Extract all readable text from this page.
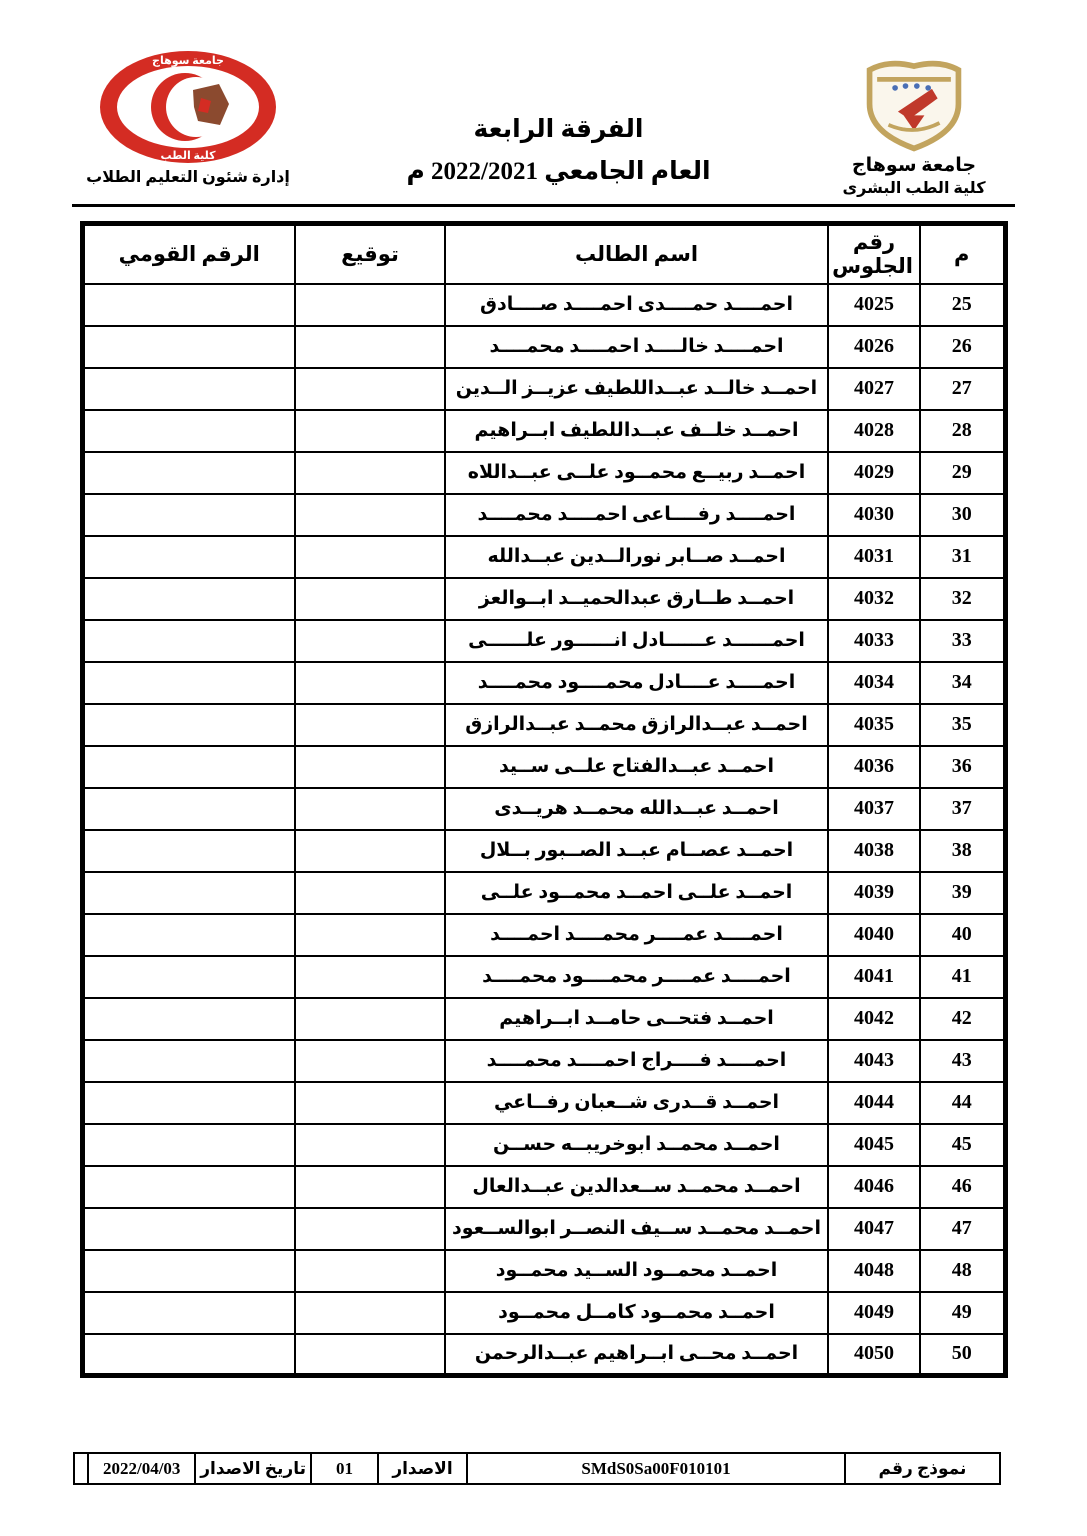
جامعة سوهاج
كلية الطب البشرى
الفرقة الرابعة
العام الجامعي 2022/2021 م
جامعة سوهاج
كلية الطب
إدارة شئون التعليم الطلاب
م	رقم الجلوس	اسم الطالب	توقيع	الرقم القومي
25	4025	احمــــد حمــــدى احمــــد صــــادق		
26	4026	احمــــد خالــــد احمــــد محمــــد		
27	4027	احمــد خالــد عبــداللطيف عزيــز الــدين		
28	4028	احمــد خلــف عبــداللطيف ابــراهيم		
29	4029	احمــد ربيــع محمــود علــى عبــداللاه		
30	4030	احمــــد رفــــاعى احمــــد محمــــد		
31	4031	احمــد صــابر نورالــدين عبــدالله		
32	4032	احمــد طــارق عبدالحميــد ابــوالعز		
33	4033	احمــــــد عــــــادل انــــــور علــــــى		
34	4034	احمــــد عــــادل محمــــود محمــــد		
35	4035	احمــد عبــدالرازق محمــد عبــدالرازق		
36	4036	احمــد عبــدالفتاح علــى ســيد		
37	4037	احمــد عبــدالله محمــد هريــدى		
38	4038	احمــد عصــام عبــد الصــبور بــلال		
39	4039	احمــد علــى احمــد محمــود علــى		
40	4040	احمــــد عمــــر محمــــد احمــــد		
41	4041	احمــــد عمــــر محمــــود محمــــد		
42	4042	احمــد فتحــى حامــد ابــراهيم		
43	4043	احمــــد فــــراج احمــــد محمــــد		
44	4044	احمــد قــدرى شــعبان رفــاعي		
45	4045	احمــد محمــد ابوخريبــه حســن		
46	4046	احمــد محمــد ســعدالدين عبــدالعال		
47	4047	احمــد محمــد ســيف النصــر ابوالســعود		
48	4048	احمــد محمــود الســيد محمــود		
49	4049	احمــد محمــود كامــل محمــود		
50	4050	احمــد محــى ابــراهيم عبــدالرحمن		
نموذج رقم	SMdS0Sa00F010101	الاصدار	01	تاريخ الاصدار	2022/04/03	
